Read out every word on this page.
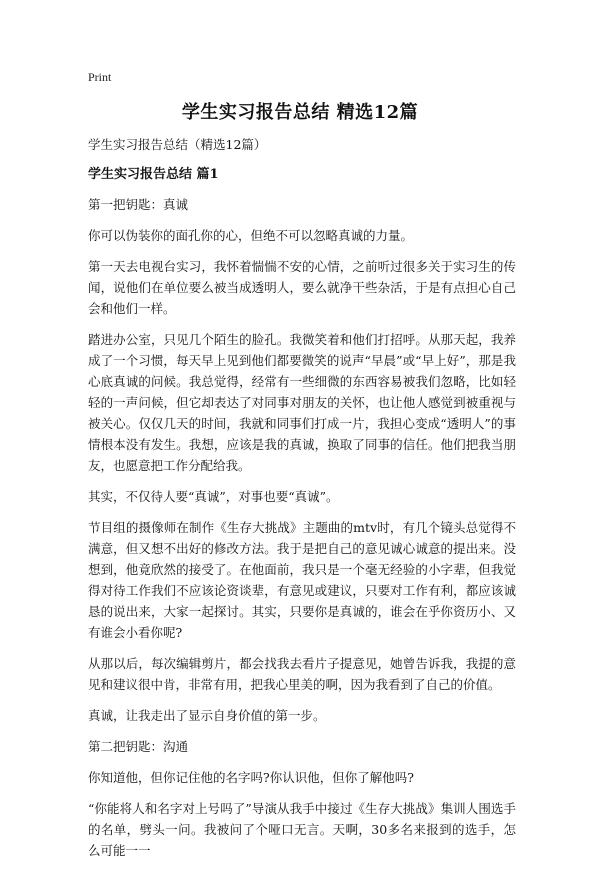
Print
学生实习报告总结 精选12篇

学生实习报告总结（精选12篇）

学生实习报告总结 篇1

第一把钥匙：真诚

你可以伪装你的面孔你的心，但绝不可以忽略真诚的力量。

第一天去电视台实习，我怀着惴惴不安的心情，之前听过很多关于实习生的传闻，说他们在单位要么被当成透明人，要么就净干些杂活，于是有点担心自己会和他们一样。

踏进办公室，只见几个陌生的脸孔。我微笑着和他们打招呼。从那天起，我养成了一个习惯，每天早上见到他们都要微笑的说声“早晨”或“早上好”，那是我心底真诚的问候。我总觉得，经常有一些细微的东西容易被我们忽略，比如轻轻的一声问候，但它却表达了对同事对朋友的关怀，也让他人感觉到被重视与被关心。仅仅几天的时间，我就和同事们打成一片，我担心变成“透明人”的事情根本没有发生。我想，应该是我的真诚，换取了同事的信任。他们把我当朋友，也愿意把工作分配给我。

其实，不仅待人要“真诚”，对事也要“真诚”。

节目组的摄像师在制作《生存大挑战》主题曲的mtv时，有几个镜头总觉得不满意，但又想不出好的修改方法。我于是把自己的意见诚心诚意的提出来。没想到，他竟欣然的接受了。在他面前，我只是一个毫无经验的小字辈，但我觉得对待工作我们不应该论资谈辈，有意见或建议，只要对工作有利，都应该诚恳的说出来，大家一起探讨。其实，只要你是真诚的，谁会在乎你资历小、又有谁会小看你呢?

从那以后，每次编辑剪片，都会找我去看片子提意见，她曾告诉我，我提的意见和建议很中肯，非常有用，把我心里美的啊，因为我看到了自己的价值。

真诚，让我走出了显示自身价值的第一步。

第二把钥匙：沟通

你知道他，但你记住他的名字吗?你认识他，但你了解他吗?

“你能将人和名字对上号吗了”导演从我手中接过《生存大挑战》集训人围选手的名单，劈头一问。我被问了个哑口无言。天啊，30多名来报到的选手，怎么可能一一
